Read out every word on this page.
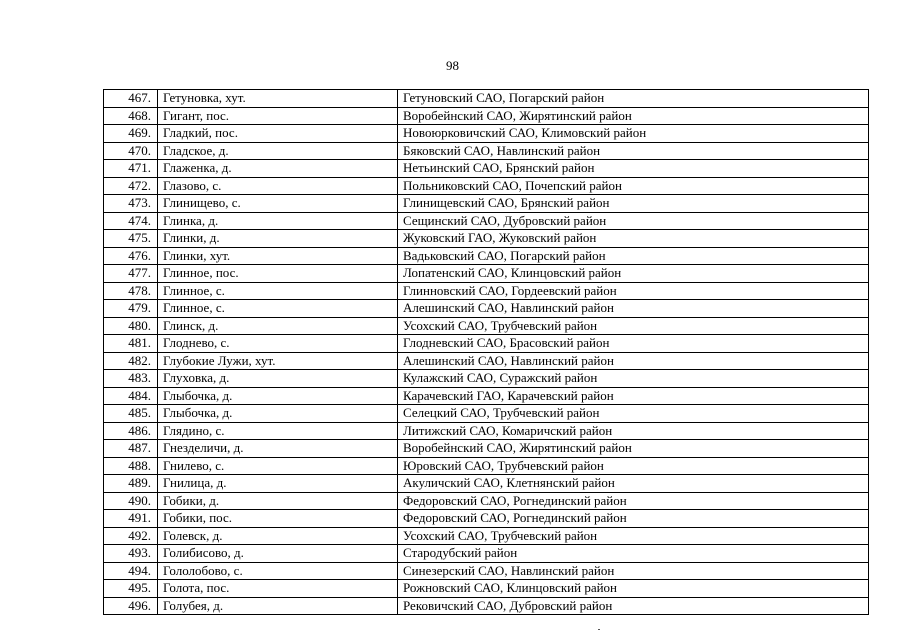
98
467.	Гетуновка, хут.	Гетуновский САО, Погарский район
468.	Гигант, пос.	Воробейнский САО, Жирятинский район
469.	Гладкий, пос.	Новоюрковичский САО, Климовский район
470.	Гладское, д.	Бяковский САО, Навлинский район
471.	Глаженка, д.	Нетьинский САО, Брянский район
472.	Глазово, с.	Польниковский САО, Почепский район
473.	Глинищево, с.	Глинищевский САО, Брянский район
474.	Глинка, д.	Сещинский САО, Дубровский район
475.	Глинки, д.	Жуковский ГАО, Жуковский район
476.	Глинки, хут.	Вадьковский САО, Погарский район
477.	Глинное, пос.	Лопатенский САО, Клинцовский район
478.	Глинное, с.	Глинновский САО, Гордеевский район
479.	Глинное, с.	Алешинский САО, Навлинский район
480.	Глинск, д.	Усохский САО, Трубчевский район
481.	Глоднево, с.	Глодневский САО, Брасовский район
482.	Глубокие Лужи, хут.	Алешинский САО, Навлинский район
483.	Глуховка, д.	Кулажский САО, Суражский район
484.	Глыбочка, д.	Карачевский ГАО, Карачевский район
485.	Глыбочка, д.	Селецкий САО, Трубчевский район
486.	Глядино, с.	Литижский САО, Комаричский район
487.	Гнезделичи, д.	Воробейнский САО, Жирятинский район
488.	Гнилево, с.	Юровский САО, Трубчевский район
489.	Гнилица, д.	Акуличский САО, Клетнянский район
490.	Гобики, д.	Федоровский САО, Рогнединский район
491.	Гобики, пос.	Федоровский САО, Рогнединский район
492.	Голевск, д.	Усохский САО, Трубчевский район
493.	Голибисово, д.	Стародубский район
494.	Гололобово, с.	Синезерский САО, Навлинский район
495.	Голота, пос.	Рожновский САО, Клинцовский район
496.	Голубея, д.	Рековичский САО, Дубровский район
